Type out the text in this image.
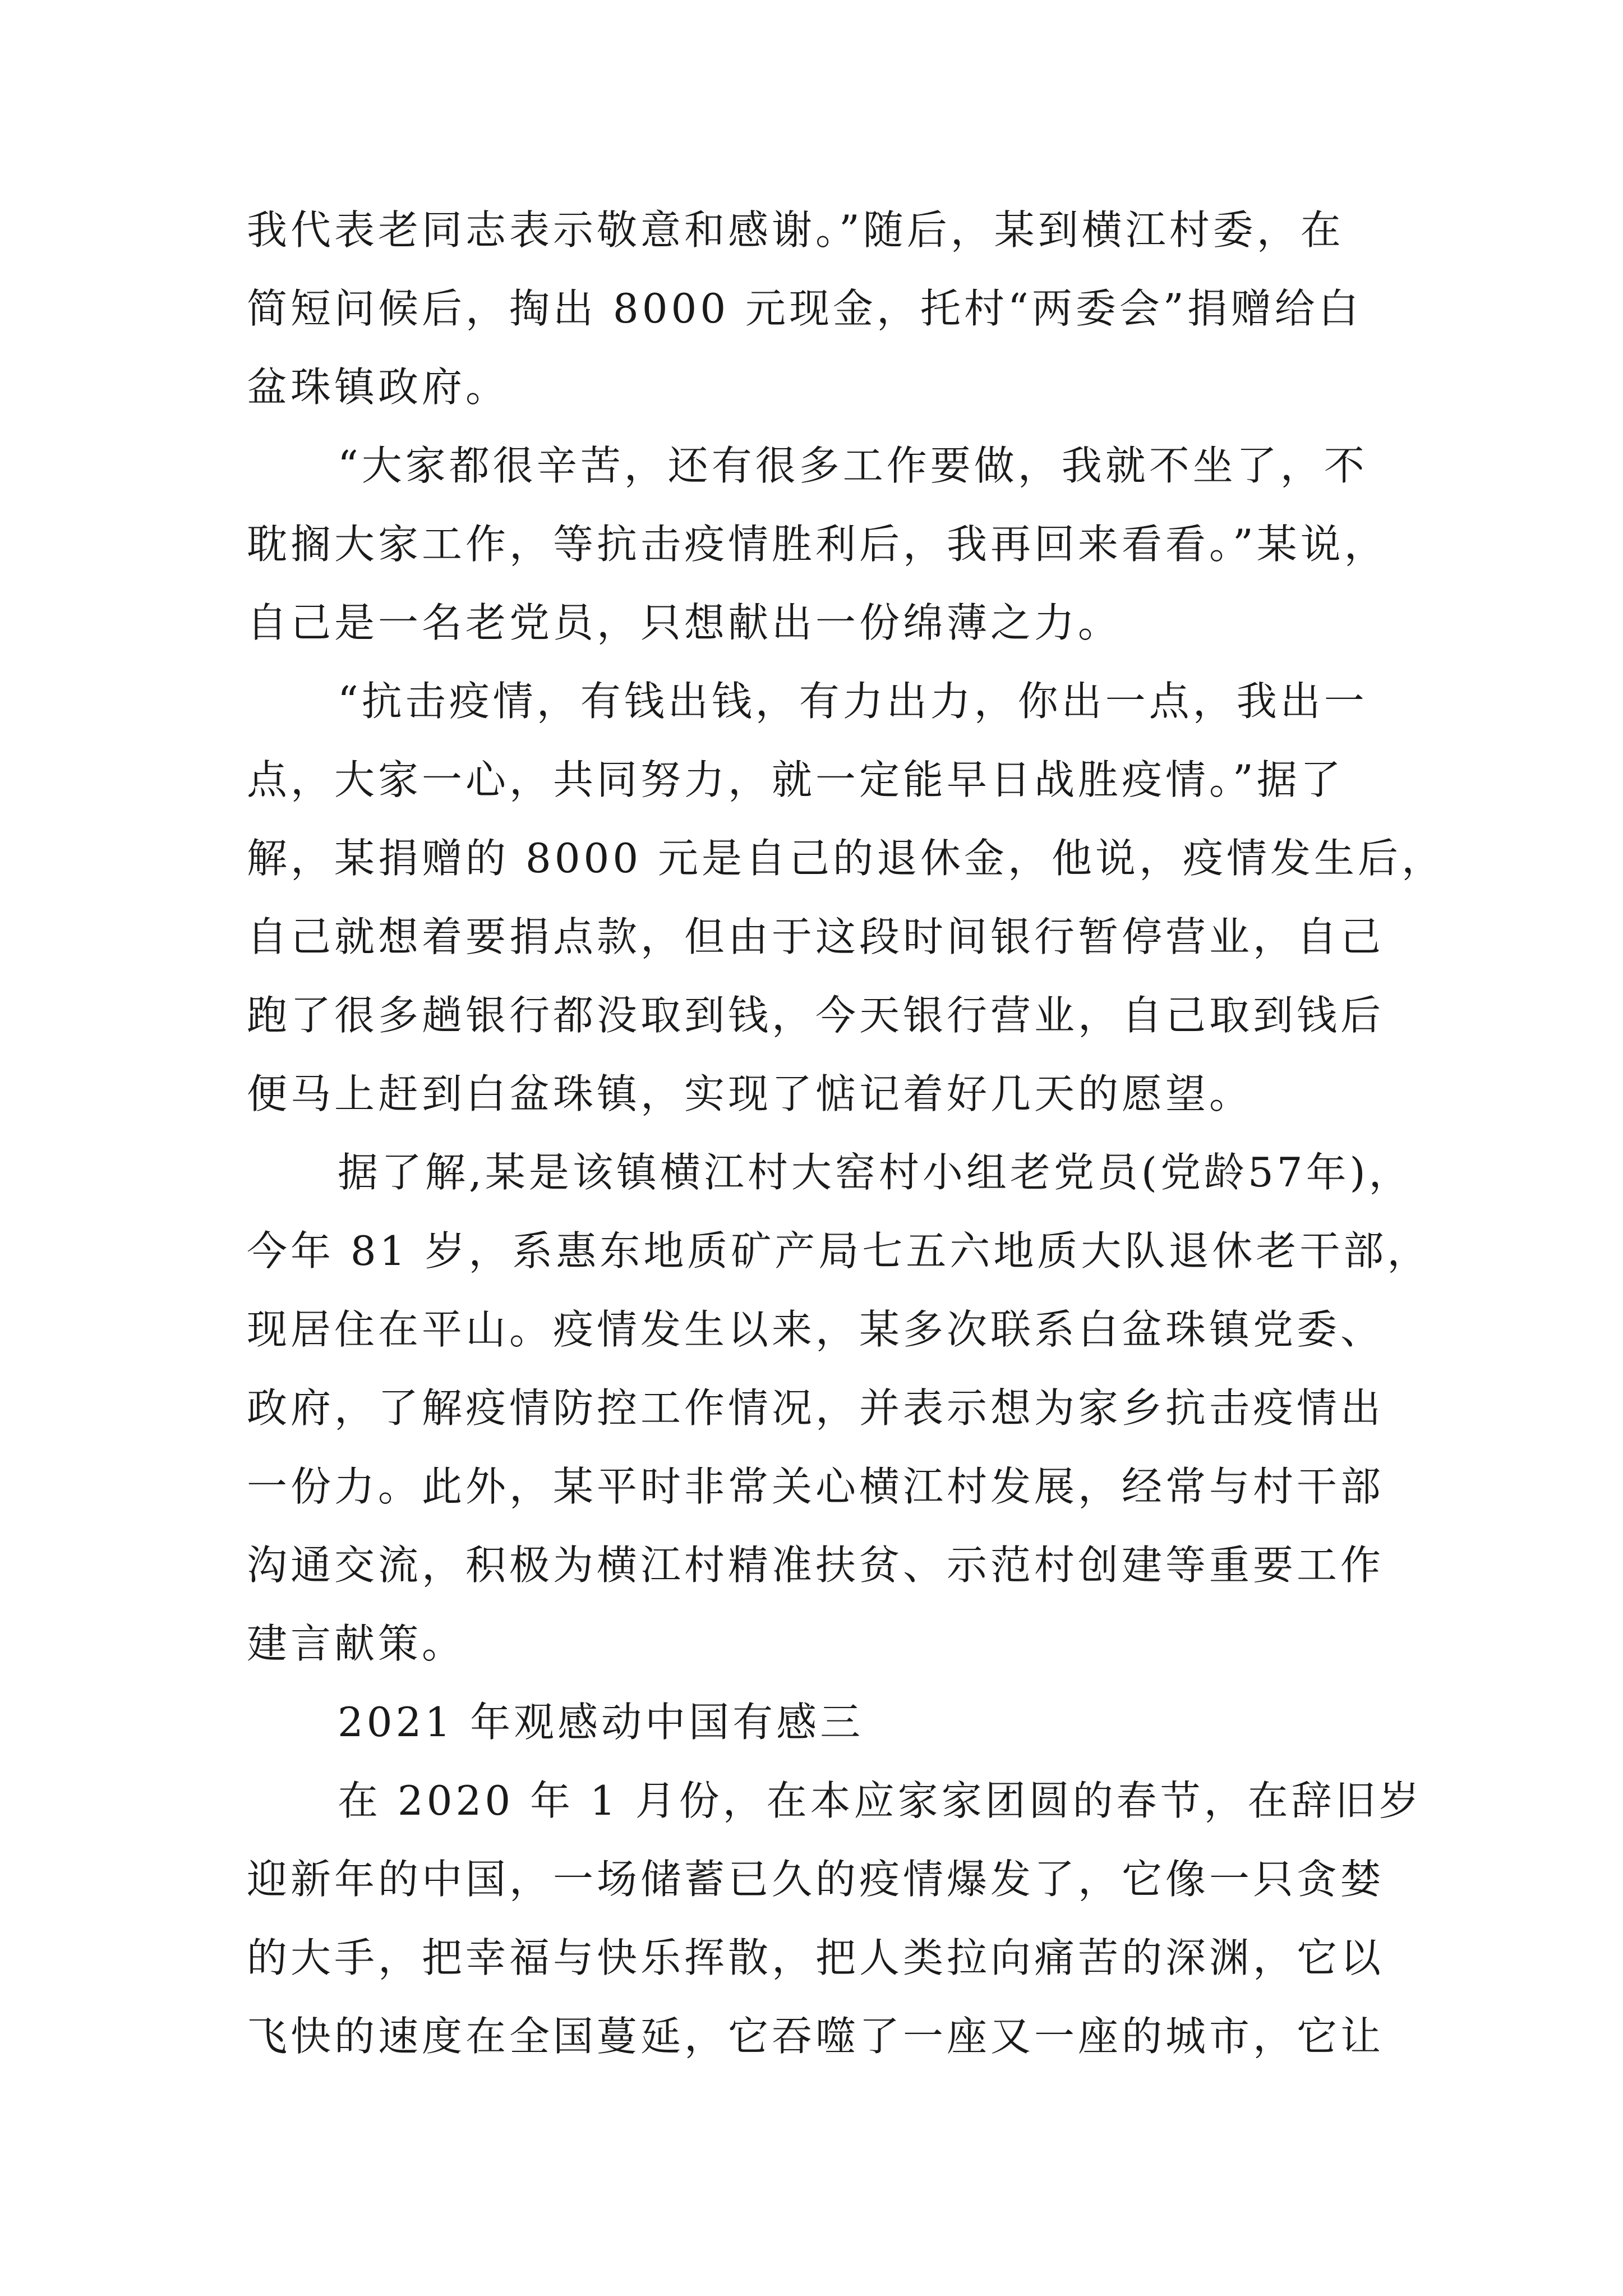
我代表老同志表示敬意和感谢。”随后，某到横江村委，在
简短问候后，掏出 8000 元现金，托村“两委会”捐赠给白
盆珠镇政府。
“大家都很辛苦，还有很多工作要做，我就不坐了，不
耽搁大家工作，等抗击疫情胜利后，我再回来看看。”某说，
自己是一名老党员，只想献出一份绵薄之力。
“抗击疫情，有钱出钱，有力出力，你出一点，我出一
点，大家一心，共同努力，就一定能早日战胜疫情。”据了
解，某捐赠的 8000 元是自己的退休金，他说，疫情发生后，
自己就想着要捐点款，但由于这段时间银行暂停营业，自己
跑了很多趟银行都没取到钱，今天银行营业，自己取到钱后
便马上赶到白盆珠镇，实现了惦记着好几天的愿望。
据了解,某是该镇横江村大窑村小组老党员(党龄57年)，
今年 81 岁，系惠东地质矿产局七五六地质大队退休老干部，
现居住在平山。疫情发生以来，某多次联系白盆珠镇党委、
政府，了解疫情防控工作情况，并表示想为家乡抗击疫情出
一份力。此外，某平时非常关心横江村发展，经常与村干部
沟通交流，积极为横江村精准扶贫、示范村创建等重要工作
建言献策。
2021 年观感动中国有感三
在 2020 年 1 月份，在本应家家团圆的春节，在辞旧岁
迎新年的中国，一场储蓄已久的疫情爆发了，它像一只贪婪
的大手，把幸福与快乐挥散，把人类拉向痛苦的深渊，它以
飞快的速度在全国蔓延，它吞噬了一座又一座的城市，它让
